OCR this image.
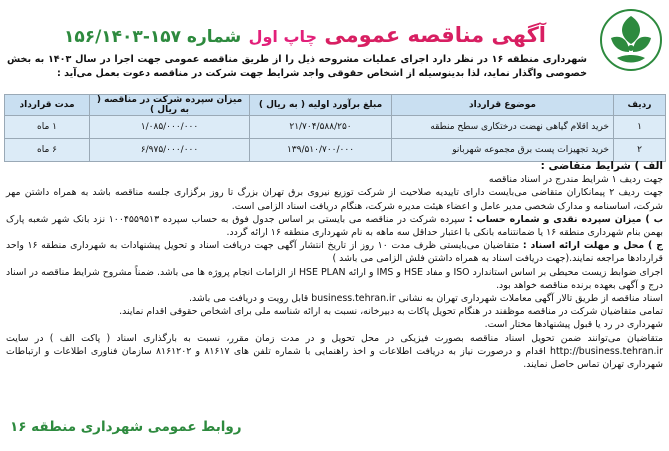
آگهی مناقصه عمومی چاپ اول شماره ۱۵۷-۱۵۶/۱۴۰۳
شهرداری منطقه ۱۶ در نظر دارد اجرای عملیات مشروحه ذیل را از طریق مناقصه عمومی جهت اجرا در سال ۱۴۰۳ به بخش خصوصی واگذار نماید، لذا بدینوسیله از اشخاص حقوقی واجد شرایط جهت شرکت در مناقصه دعوت بعمل می‌آید :
ردیف	موضوع قرارداد	مبلغ برآورد اولیه ( به ریال )	میزان سپرده شرکت در مناقصه ( به ریال )	مدت قرارداد
۱	خرید اقلام گیاهی نهضت درختکاری سطح منطقه	۲۱/۷۰۴/۵۸۸/۲۵۰	۱/۰۸۵/۰۰۰/۰۰۰	۱ ماه
۲	خرید تجهیزات پست برق مجموعه شهربانو	۱۳۹/۵۱۰/۷۰۰/۰۰۰	۶/۹۷۵/۰۰۰/۰۰۰	۶ ماه

الف ) شرایط متقاضی :

جهت ردیف ۱ شرایط مندرج در اسناد مناقصه

جهت ردیف ۲ پیمانکاران متقاضی می‌بایست دارای تاییدیه صلاحیت از شرکت توزیع نیروی برق تهران بزرگ تا روز برگزاری جلسه مناقصه باشد به همراه داشتن مهر شرکت، اساسنامه و مدارک شخصی مدیر عامل و اعضاء هیئت مدیره شرکت، هنگام دریافت اسناد الزامی است.

ب ) میزان سپرده نقدی و شماره حساب : سپرده شرکت در مناقصه می بایستی بر اساس جدول فوق به حساب سپرده ۱۰۰۴۵۵۹۵۱۳ نزد بانک شهر شعبه پارک بهمن بنام شهرداری منطقه ۱۶ یا ضمانتنامه بانکی با اعتبار حداقل سه ماهه به نام شهرداری منطقه ۱۶ ارائه گردد.

ج ) محل و مهلت ارائه اسناد : متقاضیان می‌بایستی ظرف مدت ۱۰ روز از تاریخ انتشار آگهی جهت دریافت اسناد و تحویل پیشنهادات به شهرداری منطقه ۱۶ واحد قراردادها مراجعه نمایند.(جهت دریافت اسناد به همراه داشتن فلش الزامی می باشد )

اجرای ضوابط زیست محیطی بر اساس استاندارد ISO و مفاد HSE و IMS و ارائه HSE PLAN از الزامات انجام پروژه ها می باشد. ضمناً مشروح شرایط مناقصه در اسناد درج و آگهی بعهده برنده مناقصه خواهد بود.

اسناد مناقصه از طریق تالار آگهی معاملات شهرداری تهران به نشانی business.tehran.ir قابل رویت و دریافت می باشد.

تمامی متقاضیان شرکت در مناقصه موظفند در هنگام تحویل پاکات به دبیرخانه، نسبت به ارائه شناسه ملی برای اشخاص حقوقی اقدام نمایند.

شهرداری در رد یا قبول پیشنهادها مختار است.

متقاضیان می‌توانند ضمن تحویل اسناد مناقصه بصورت فیزیکی در محل تحویل و در مدت زمان مقرر، نسبت به بارگذاری اسناد ( پاکت الف ) در سایت http://business.tehran.ir اقدام و درصورت نیاز به دریافت اطلاعات و اخذ راهنمایی با شماره تلفن های ۸۱۶۱۷ و ۸۱۶۱۲۰۲ سازمان فناوری اطلاعات و ارتباطات شهرداری تهران تماس حاصل نمایند.

روابط عمومی شهرداری منطقه ۱۶
